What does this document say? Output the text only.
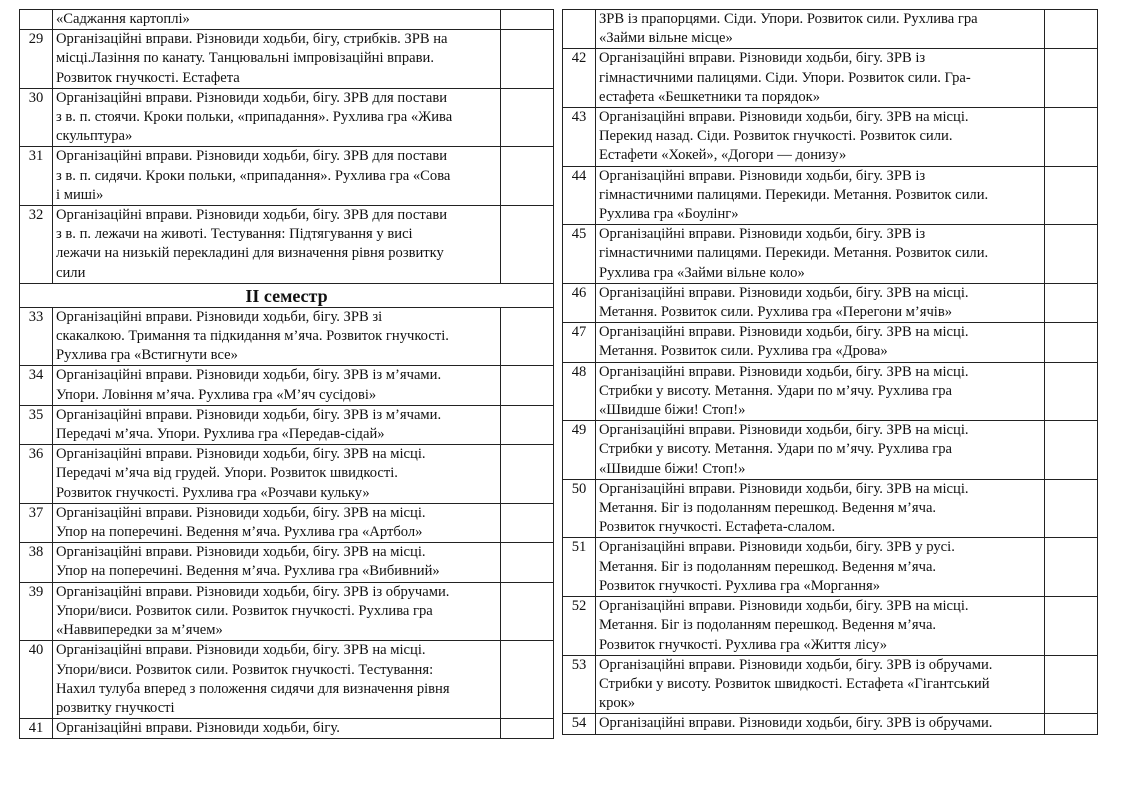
	«Саджання картоплі»	
29	Організаційні вправи. Різновиди ходьби, бігу, стрибків. ЗРВ на
місці.Лазіння по канату. Танцювальні імпровізаційні вправи.
Розвиток гнучкості. Естафета	
30	Організаційні вправи. Різновиди ходьби, бігу. ЗРВ для постави
з в. п. стоячи. Кроки польки, «припадання». Рухлива гра «Жива
скульптура»	
31	Організаційні вправи. Різновиди ходьби, бігу. ЗРВ для постави
з в. п. сидячи. Кроки польки, «припадання». Рухлива гра «Сова
і миші»	
32	Організаційні вправи. Різновиди ходьби, бігу. ЗРВ для постави
з в. п. лежачи на животі. Тестування: Підтягування у висі
лежачи на низькій перекладині для визначення рівня розвитку
сили	
ІІ семестр		
33	Організаційні вправи. Різновиди ходьби, бігу. ЗРВ зі
скакалкою. Тримання та підкидання м’яча. Розвиток гнучкості.
Рухлива гра «Встигнути все»	
34	Організаційні вправи. Різновиди ходьби, бігу. ЗРВ із м’ячами.
Упори. Ловіння м’яча. Рухлива гра «М’яч сусідові»	
35	Організаційні вправи. Різновиди ходьби, бігу. ЗРВ із м’ячами.
Передачі м’яча. Упори. Рухлива гра «Передав-сідай»	
36	Організаційні вправи. Різновиди ходьби, бігу. ЗРВ на місці.
Передачі м’яча від грудей. Упори. Розвиток швидкості.
Розвиток гнучкості. Рухлива гра «Розчави кульку»	
37	Організаційні вправи. Різновиди ходьби, бігу. ЗРВ на місці.
Упор на поперечині. Ведення м’яча. Рухлива гра «Артбол»	
38	Організаційні вправи. Різновиди ходьби, бігу. ЗРВ на місці.
Упор на поперечині. Ведення м’яча. Рухлива гра «Вибивний»	
39	Організаційні вправи. Різновиди ходьби, бігу. ЗРВ із обручами.
Упори/виси. Розвиток сили. Розвиток гнучкості. Рухлива гра
«Наввипередки за м’ячем»	
40	Організаційні вправи. Різновиди ходьби, бігу. ЗРВ на місці.
Упори/виси. Розвиток сили. Розвиток гнучкості. Тестування:
Нахил тулуба вперед з положення сидячи для визначення рівня
розвитку гнучкості	
41	Організаційні вправи. Різновиди ходьби, бігу.	
	ЗРВ із прапорцями. Сіди. Упори. Розвиток сили. Рухлива гра
«Займи вільне місце»	
42	Організаційні вправи. Різновиди ходьби, бігу. ЗРВ із
гімнастичними палицями. Сіди. Упори. Розвиток сили. Гра-
естафета «Бешкетники та порядок»	
43	Організаційні вправи. Різновиди ходьби, бігу. ЗРВ на місці.
Перекид назад. Сіди. Розвиток гнучкості. Розвиток сили.
Естафети «Хокей», «Догори — донизу»	
44	Організаційні вправи. Різновиди ходьби, бігу. ЗРВ із
гімнастичними палицями. Перекиди. Метання. Розвиток сили.
Рухлива гра «Боулінг»	
45	Організаційні вправи. Різновиди ходьби, бігу. ЗРВ із
гімнастичними палицями. Перекиди. Метання. Розвиток сили.
Рухлива гра «Займи вільне коло»	
46	Організаційні вправи. Різновиди ходьби, бігу. ЗРВ на місці.
Метання. Розвиток сили. Рухлива гра «Перегони м’ячів»	
47	Організаційні вправи. Різновиди ходьби, бігу. ЗРВ на місці.
Метання. Розвиток сили. Рухлива гра «Дрова»	
48	Організаційні вправи. Різновиди ходьби, бігу. ЗРВ на місці.
Стрибки у висоту. Метання. Удари по м’ячу. Рухлива гра
«Швидше біжи! Стоп!»	
49	Організаційні вправи. Різновиди ходьби, бігу. ЗРВ на місці.
Стрибки у висоту. Метання. Удари по м’ячу. Рухлива гра
«Швидше біжи! Стоп!»	
50	Організаційні вправи. Різновиди ходьби, бігу. ЗРВ на місці.
Метання. Біг із подоланням перешкод. Ведення м’яча.
Розвиток гнучкості. Естафета-слалом.	
51	Організаційні вправи. Різновиди ходьби, бігу. ЗРВ у русі.
Метання. Біг із подоланням перешкод. Ведення м’яча.
Розвиток гнучкості. Рухлива гра «Моргання»	
52	Організаційні вправи. Різновиди ходьби, бігу. ЗРВ на місці.
Метання. Біг із подоланням перешкод. Ведення м’яча.
Розвиток гнучкості. Рухлива гра «Життя лісу»	
53	Організаційні вправи. Різновиди ходьби, бігу. ЗРВ із обручами.
Стрибки у висоту. Розвиток швидкості. Естафета «Гігантський
крок»	
54	Організаційні вправи. Різновиди ходьби, бігу. ЗРВ із обручами.	
